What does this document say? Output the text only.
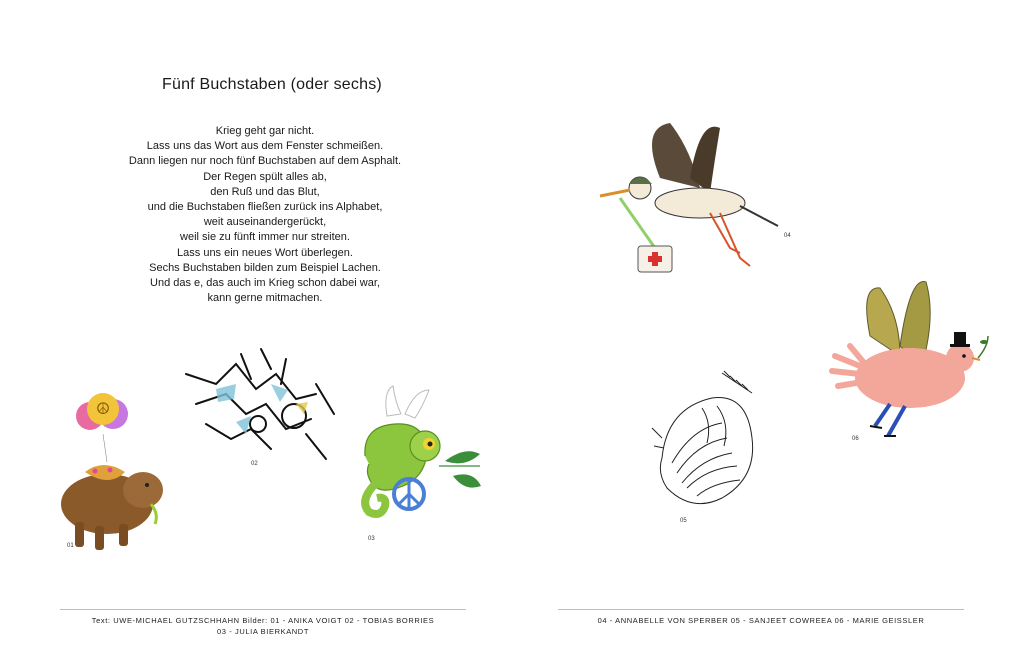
Fünf Buchstaben (oder sechs)
Krieg geht gar nicht.
Lass uns das Wort aus dem Fenster schmeißen.
Dann liegen nur noch fünf Buchstaben auf dem Asphalt.
Der Regen spült alles ab,
den Ruß und das Blut,
und die Buchstaben fließen zurück ins Alphabet,
weit auseinandergerückt,
weil sie zu fünft immer nur streiten.
Lass uns ein neues Wort überlegen.
Sechs Buchstaben bilden zum Beispiel Lachen.
Und das e, das auch im Krieg schon dabei war,
kann gerne mitmachen.
☮
01
02
03
04
05
06
Text: UWE-MICHAEL GUTZSCHHAHN Bilder: 01 - ANIKA VOIGT 02 - TOBIAS BORRIES
03 - JULIA BIERKANDT
04 - ANNABELLE VON SPERBER 05 - SANJEET COWREEA 06 - MARIE GEISSLER
